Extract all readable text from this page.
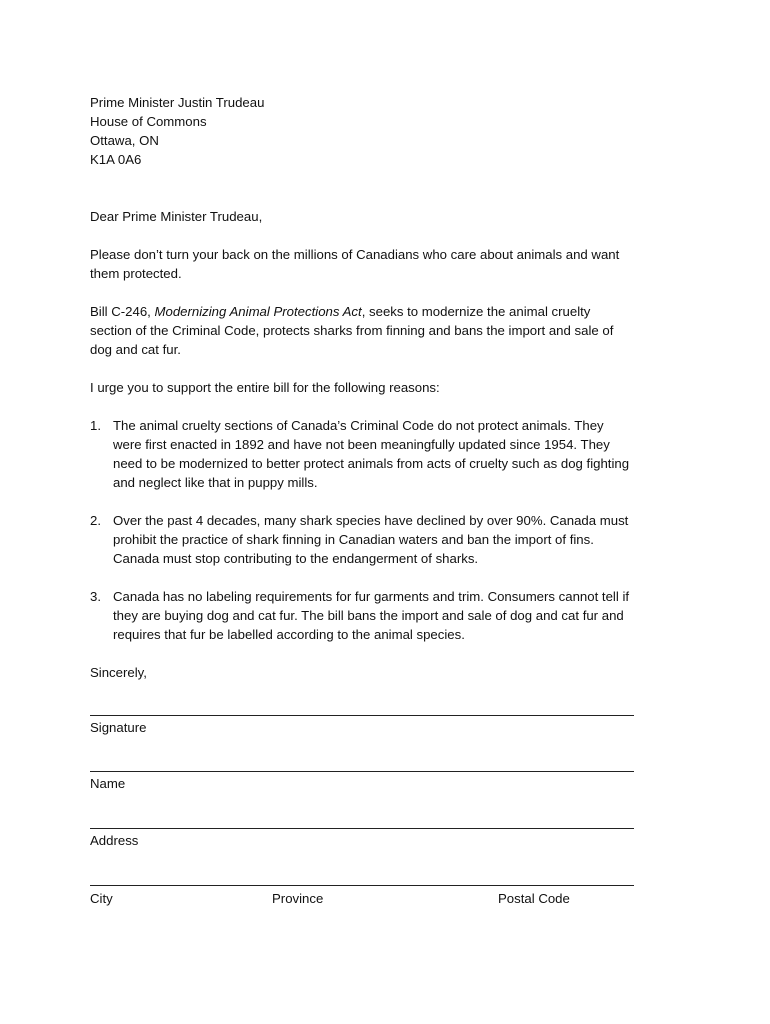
Prime Minister Justin Trudeau
House of Commons
Ottawa, ON
K1A 0A6

Dear Prime Minister Trudeau,

Please don’t turn your back on the millions of Canadians who care about animals and want them protected.

Bill C-246, Modernizing Animal Protections Act, seeks to modernize the animal cruelty section of the Criminal Code, protects sharks from finning and bans the import and sale of dog and cat fur.

I urge you to support the entire bill for the following reasons:

1. The animal cruelty sections of Canada’s Criminal Code do not protect animals. They were first enacted in 1892 and have not been meaningfully updated since 1954. They need to be modernized to better protect animals from acts of cruelty such as dog fighting and neglect like that in puppy mills.
2. Over the past 4 decades, many shark species have declined by over 90%. Canada must prohibit the practice of shark finning in Canadian waters and ban the import of fins. Canada must stop contributing to the endangerment of sharks.
3. Canada has no labeling requirements for fur garments and trim. Consumers cannot tell if they are buying dog and cat fur. The bill bans the import and sale of dog and cat fur and requires that fur be labelled according to the animal species.

Sincerely,

Signature
Name
Address
City	Province	Postal Code
